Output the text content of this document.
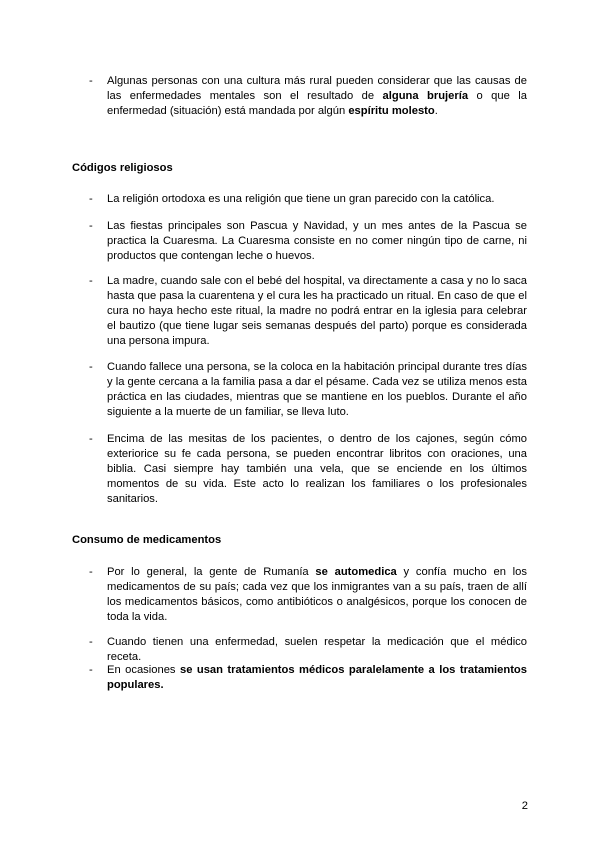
- Algunas personas con una cultura más rural pueden considerar que las causas de las enfermedades mentales son el resultado de alguna brujería o que la enfermedad (situación) está mandada por algún espíritu molesto.
Códigos religiosos
- La religión ortodoxa es una religión que tiene un gran parecido con la católica.
- Las fiestas principales son Pascua y Navidad, y un mes antes de la Pascua se practica la Cuaresma. La Cuaresma consiste en no comer ningún tipo de carne, ni productos que contengan leche o huevos.
- La madre, cuando sale con el bebé del hospital, va directamente a casa y no lo saca hasta que pasa la cuarentena y el cura les ha practicado un ritual. En caso de que el cura no haya hecho este ritual, la madre no podrá entrar en la iglesia para celebrar el bautizo (que tiene lugar seis semanas después del parto) porque es considerada una persona impura.
- Cuando fallece una persona, se la coloca en la habitación principal durante tres días y la gente cercana a la familia pasa a dar el pésame. Cada vez se utiliza menos esta práctica en las ciudades, mientras que se mantiene en los pueblos. Durante el año siguiente a la muerte de un familiar, se lleva luto.
- Encima de las mesitas de los pacientes, o dentro de los cajones, según cómo exteriorice su fe cada persona, se pueden encontrar libritos con oraciones, una biblia. Casi siempre hay también una vela, que se enciende en los últimos momentos de su vida. Este acto lo realizan los familiares o los profesionales sanitarios.
Consumo de medicamentos
- Por lo general, la gente de Rumanía se automedica y confía mucho en los medicamentos de su país; cada vez que los inmigrantes van a su país, traen de allí los medicamentos básicos, como antibióticos o analgésicos, porque los conocen de toda la vida.
- Cuando tienen una enfermedad, suelen respetar la medicación que el médico receta.
- En ocasiones se usan tratamientos médicos paralelamente a los tratamientos populares.
2
